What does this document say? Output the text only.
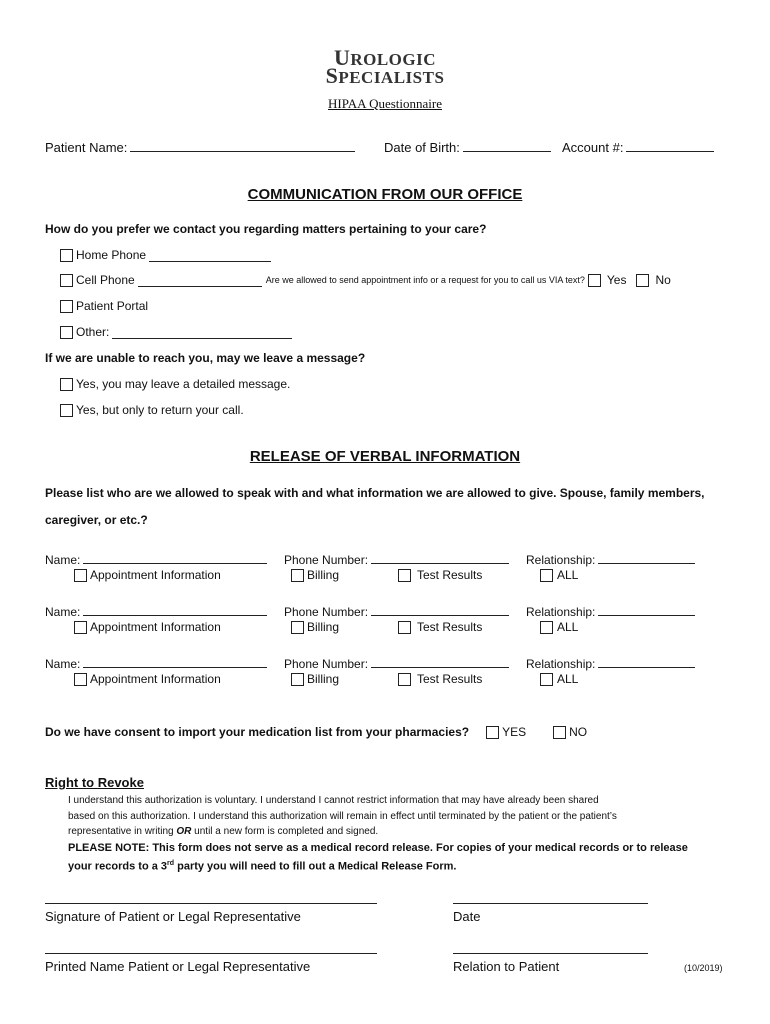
UROLOGIC
SPECIALISTS
HIPAA Questionnaire
Patient Name:	Date of Birth:	Account #:
COMMUNICATION FROM OUR OFFICE
How do you prefer we contact you regarding matters pertaining to your care?
Home Phone
Cell Phone	Are we allowed to send appointment info or a request for you to call us VIA text? Yes No
Patient Portal
Other:
If we are unable to reach you, may we leave a message?
Yes, you may leave a detailed message.
Yes, but only to return your call.
RELEASE OF VERBAL INFORMATION
Please list who are we allowed to speak with and what information we are allowed to give. Spouse, family members,
caregiver, or etc.?
Name:	Phone Number:	Relationship:
Appointment Information	Billing	Test Results	ALL
Name:	Phone Number:	Relationship:
Appointment Information	Billing	Test Results	ALL
Name:	Phone Number:	Relationship:
Appointment Information	Billing	Test Results	ALL
Do we have consent to import your medication list from your pharmacies?	YES	NO
Right to Revoke
I understand this authorization is voluntary. I understand I cannot restrict information that may have already been shared
based on this authorization. I understand this authorization will remain in effect until terminated by the patient or the patient’s
representative in writing OR until a new form is completed and signed.
PLEASE NOTE: This form does not serve as a medical record release. For copies of your medical records or to release
your records to a 3rd party you will need to fill out a Medical Release Form.
Signature of Patient or Legal Representative	Date
Printed Name Patient or Legal Representative	Relation to Patient	(10/2019)
